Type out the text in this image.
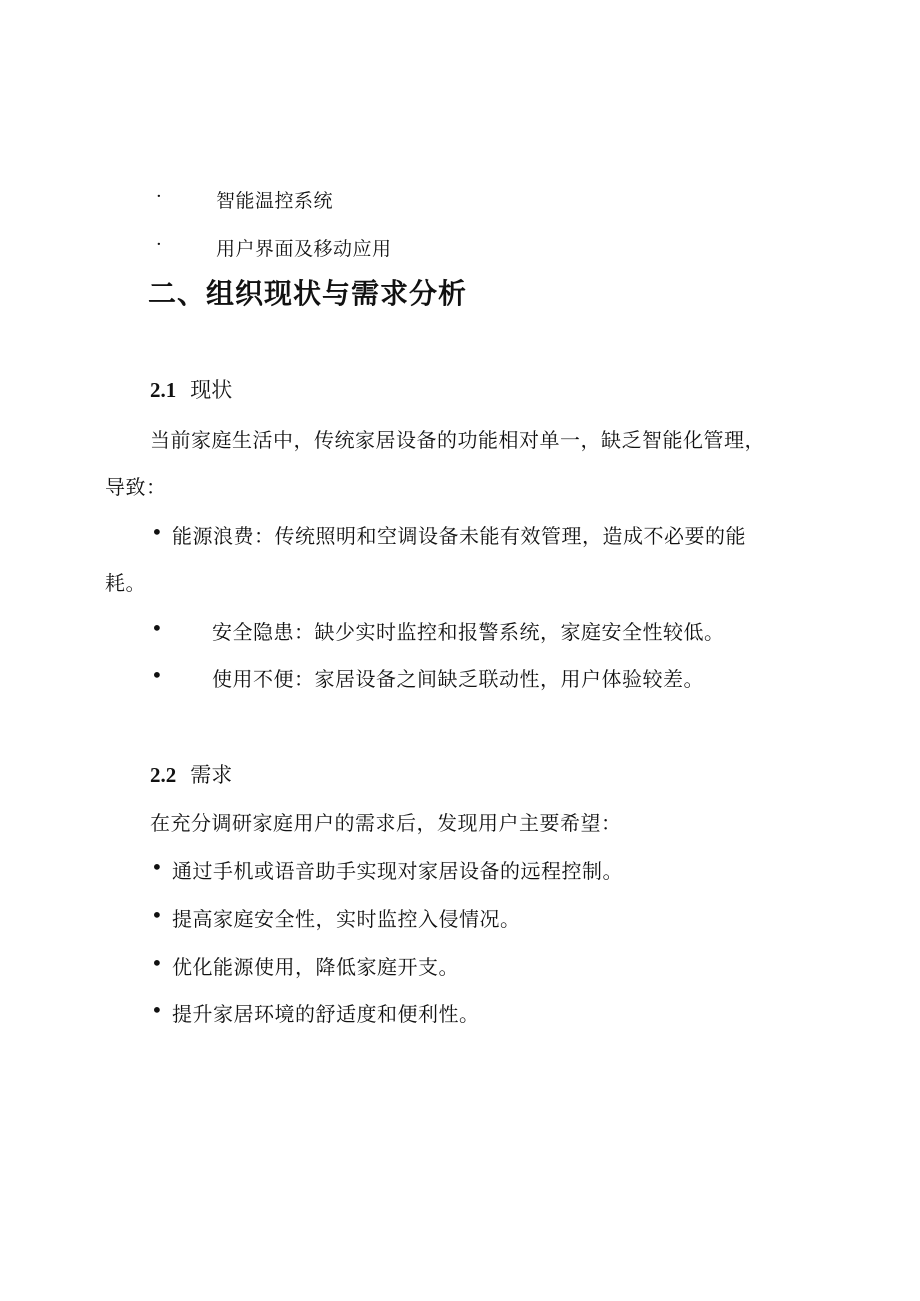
·	智能温控系统
·	用户界面及移动应用
二、组织现状与需求分析
2.1 现状
当前家庭生活中，传统家居设备的功能相对单一，缺乏智能化管理，
导致：
• 能源浪费：传统照明和空调设备未能有效管理，造成不必要的能
耗。
• 安全隐患：缺少实时监控和报警系统，家庭安全性较低。
• 使用不便：家居设备之间缺乏联动性，用户体验较差。
2.2 需求
在充分调研家庭用户的需求后，发现用户主要希望：
• 通过手机或语音助手实现对家居设备的远程控制。
• 提高家庭安全性，实时监控入侵情况。
• 优化能源使用，降低家庭开支。
• 提升家居环境的舒适度和便利性。
